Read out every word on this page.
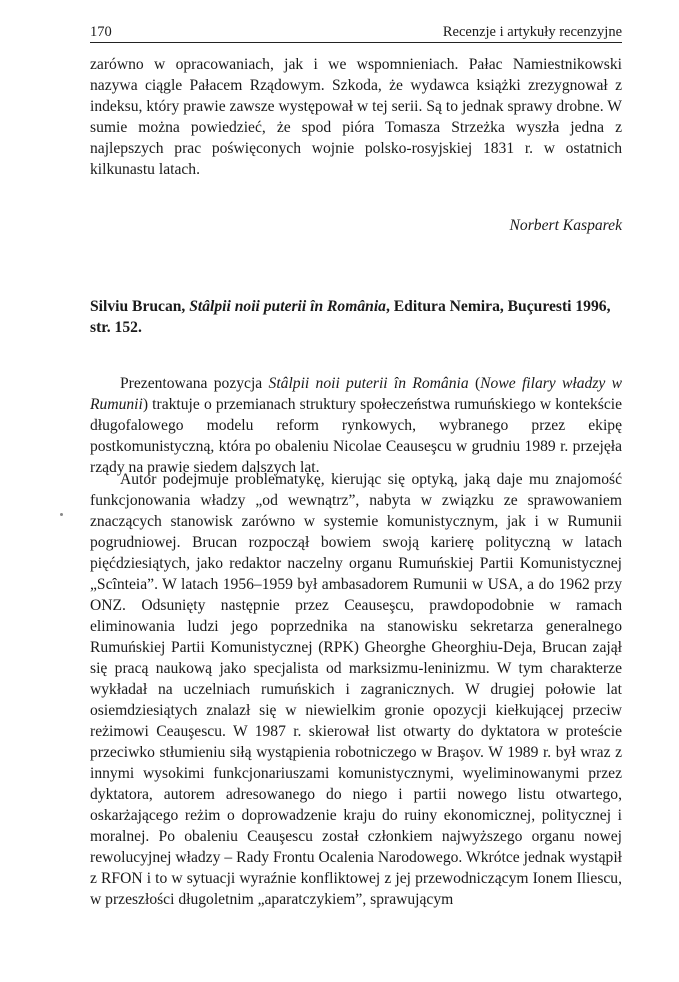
170	Recenzje i artykuły recenzyjne

zarówno w opracowaniach, jak i we wspomnieniach. Pałac Namiestnikowski nazywa ciągle Pałacem Rządowym. Szkoda, że wydawca książki zrezygnował z indeksu, który prawie zawsze występował w tej serii. Są to jednak sprawy drobne. W sumie można powiedzieć, że spod pióra Tomasza Strzeżka wyszła jedna z najlepszych prac poświęconych wojnie polsko-rosyjskiej 1831 r. w ostatnich kilkunastu latach.

Norbert Kasparek
Silviu Brucan, Stâlpii noii puterii în România, Editura Nemira, Buçuresti 1996, str. 152.

Prezentowana pozycja Stâlpii noii puterii în România (Nowe filary władzy w Rumunii) traktuje o przemianach struktury społeczeństwa rumuńskiego w kontekście długofalowego modelu reform rynkowych, wybranego przez ekipę postkomunistyczną, która po obaleniu Nicolae Ceauseşcu w grudniu 1989 r. przejęła rządy na prawie siedem dalszych lat.

Autor podejmuje problematykę, kierując się optyką, jaką daje mu znajomość funkcjonowania władzy „od wewnątrz”, nabyta w związku ze sprawowaniem znaczących stanowisk zarówno w systemie komunistycznym, jak i w Rumunii pogrudniowej. Brucan rozpoczął bowiem swoją karierę polityczną w latach pięćdziesiątych, jako redaktor naczelny organu Rumuńskiej Partii Komunistycznej „Scînteia”. W latach 1956–1959 był ambasadorem Rumunii w USA, a do 1962 przy ONZ. Odsunięty następnie przez Ceauseşcu, prawdopodobnie w ramach eliminowania ludzi jego poprzednika na stanowisku sekretarza generalnego Rumuńskiej Partii Komunistycznej (RPK) Gheorghe Gheorghiu-Deja, Brucan zajął się pracą naukową jako specjalista od marksizmu-leninizmu. W tym charakterze wykładał na uczelniach rumuńskich i zagranicznych. W drugiej połowie lat osiemdziesiątych znalazł się w niewielkim gronie opozycji kiełkującej przeciw reżimowi Ceauşescu. W 1987 r. skierował list otwarty do dyktatora w proteście przeciwko stłumieniu siłą wystąpienia robotniczego w Braşov. W 1989 r. był wraz z innymi wysokimi funkcjonariuszami komunistycznymi, wyeliminowanymi przez dyktatora, autorem adresowanego do niego i partii nowego listu otwartego, oskarżającego reżim o doprowadzenie kraju do ruiny ekonomicznej, politycznej i moralnej. Po obaleniu Ceauşescu został członkiem najwyższego organu nowej rewolucyjnej władzy – Rady Frontu Ocalenia Narodowego. Wkrótce jednak wystąpił z RFON i to w sytuacji wyraźnie konfliktowej z jej przewodniczącym Ionem Iliescu, w przeszłości długoletnim „aparatczykiem”, sprawującym
